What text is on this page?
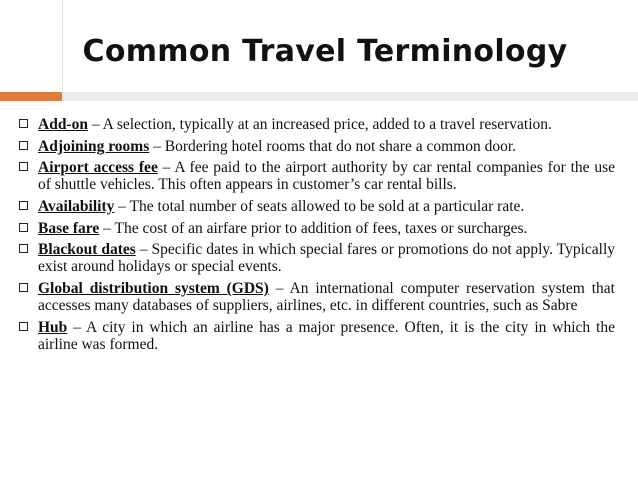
Common Travel Terminology
Add-on – A selection, typically at an increased price, added to a travel reservation.
Adjoining rooms – Bordering hotel rooms that do not share a common door.
Airport access fee – A fee paid to the airport authority by car rental companies for the use of shuttle vehicles. This often appears in customer’s car rental bills.
Availability – The total number of seats allowed to be sold at a particular rate.
Base fare – The cost of an airfare prior to addition of fees, taxes or surcharges.
Blackout dates – Specific dates in which special fares or promotions do not apply. Typically exist around holidays or special events.
Global distribution system (GDS) – An international computer reservation system that accesses many databases of suppliers, airlines, etc. in different countries, such as Sabre
Hub – A city in which an airline has a major presence. Often, it is the city in which the airline was formed.
